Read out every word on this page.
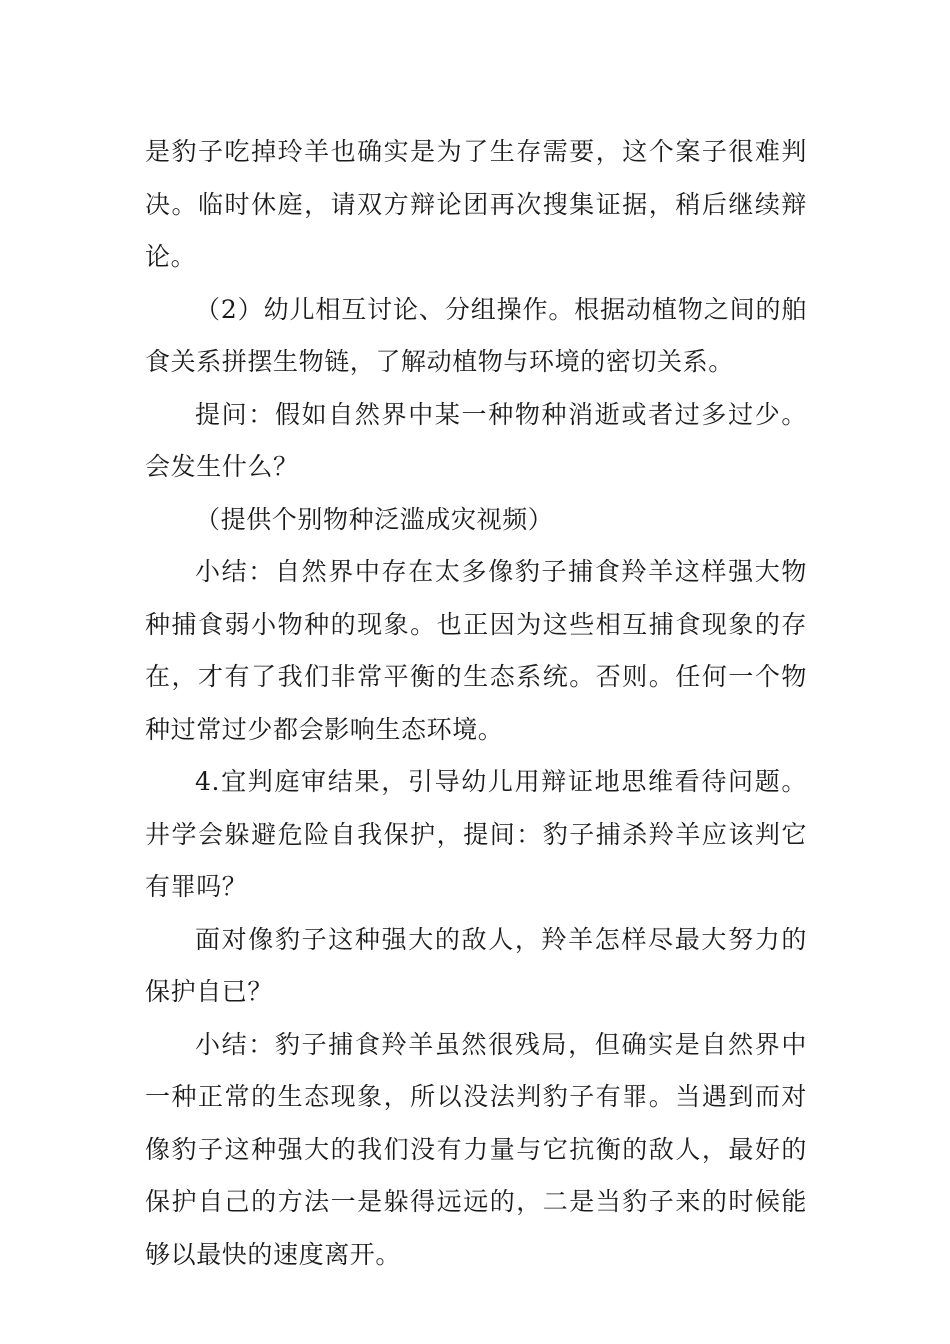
是豹子吃掉玲羊也确实是为了生存需要，这个案子很难判决。临时休庭，请双方辩论团再次搜集证据，稍后继续辩论。

（2）幼儿相互讨论、分组操作。根据动植物之间的舶食关系拼摆生物链，了解动植物与环境的密切关系。

提问：假如自然界中某一种物种消逝或者过多过少。会发生什么？

（提供个别物种泛滥成灾视频）

小结：自然界中存在太多像豹子捕食羚羊这样强大物种捕食弱小物种的现象。也正因为这些相互捕食现象的存在，才有了我们非常平衡的生态系统。否则。任何一个物种过常过少都会影响生态环境。

4.宜判庭审结果，引导幼儿用辩证地思维看待问题。井学会躲避危险自我保护，提间：豹子捕杀羚羊应该判它有罪吗？

面对像豹子这种强大的敌人，羚羊怎样尽最大努力的保护自已？

小结：豹子捕食羚羊虽然很残局，但确实是自然界中一种正常的生态现象，所以没法判豹子有罪。当遇到而对像豹子这种强大的我们没有力量与它抗衡的敌人，最好的保护自己的方法一是躲得远远的，二是当豹子来的时候能够以最快的速度离开。
